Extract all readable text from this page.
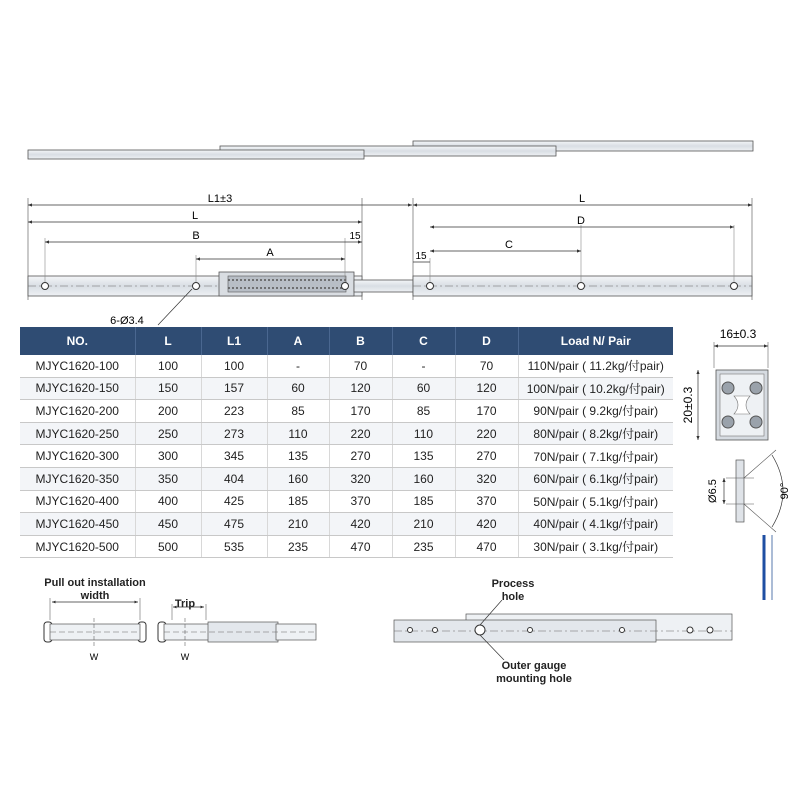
L1±3
L
B
A
15
6-Ø3.4
L
D
C
15
NO.	L	L1	A	B	C	D	Load N/ Pair
MJYC1620-100	100	100	-	70	-	70	110N/pair ( 11.2kg/付pair)
MJYC1620-150	150	157	60	120	60	120	100N/pair ( 10.2kg/付pair)
MJYC1620-200	200	223	85	170	85	170	90N/pair ( 9.2kg/付pair)
MJYC1620-250	250	273	110	220	110	220	80N/pair ( 8.2kg/付pair)
MJYC1620-300	300	345	135	270	135	270	70N/pair ( 7.1kg/付pair)
MJYC1620-350	350	404	160	320	160	320	60N/pair ( 6.1kg/付pair)
MJYC1620-400	400	425	185	370	185	370	50N/pair ( 5.1kg/付pair)
MJYC1620-450	450	475	210	420	210	420	40N/pair ( 4.1kg/付pair)
MJYC1620-500	500	535	235	470	235	470	30N/pair ( 3.1kg/付pair)
16±0.3
20±0.3
Ø6.5	90°
Pull out installation
width
Trip
W	W
Process
hole
Outer gauge
mounting hole
